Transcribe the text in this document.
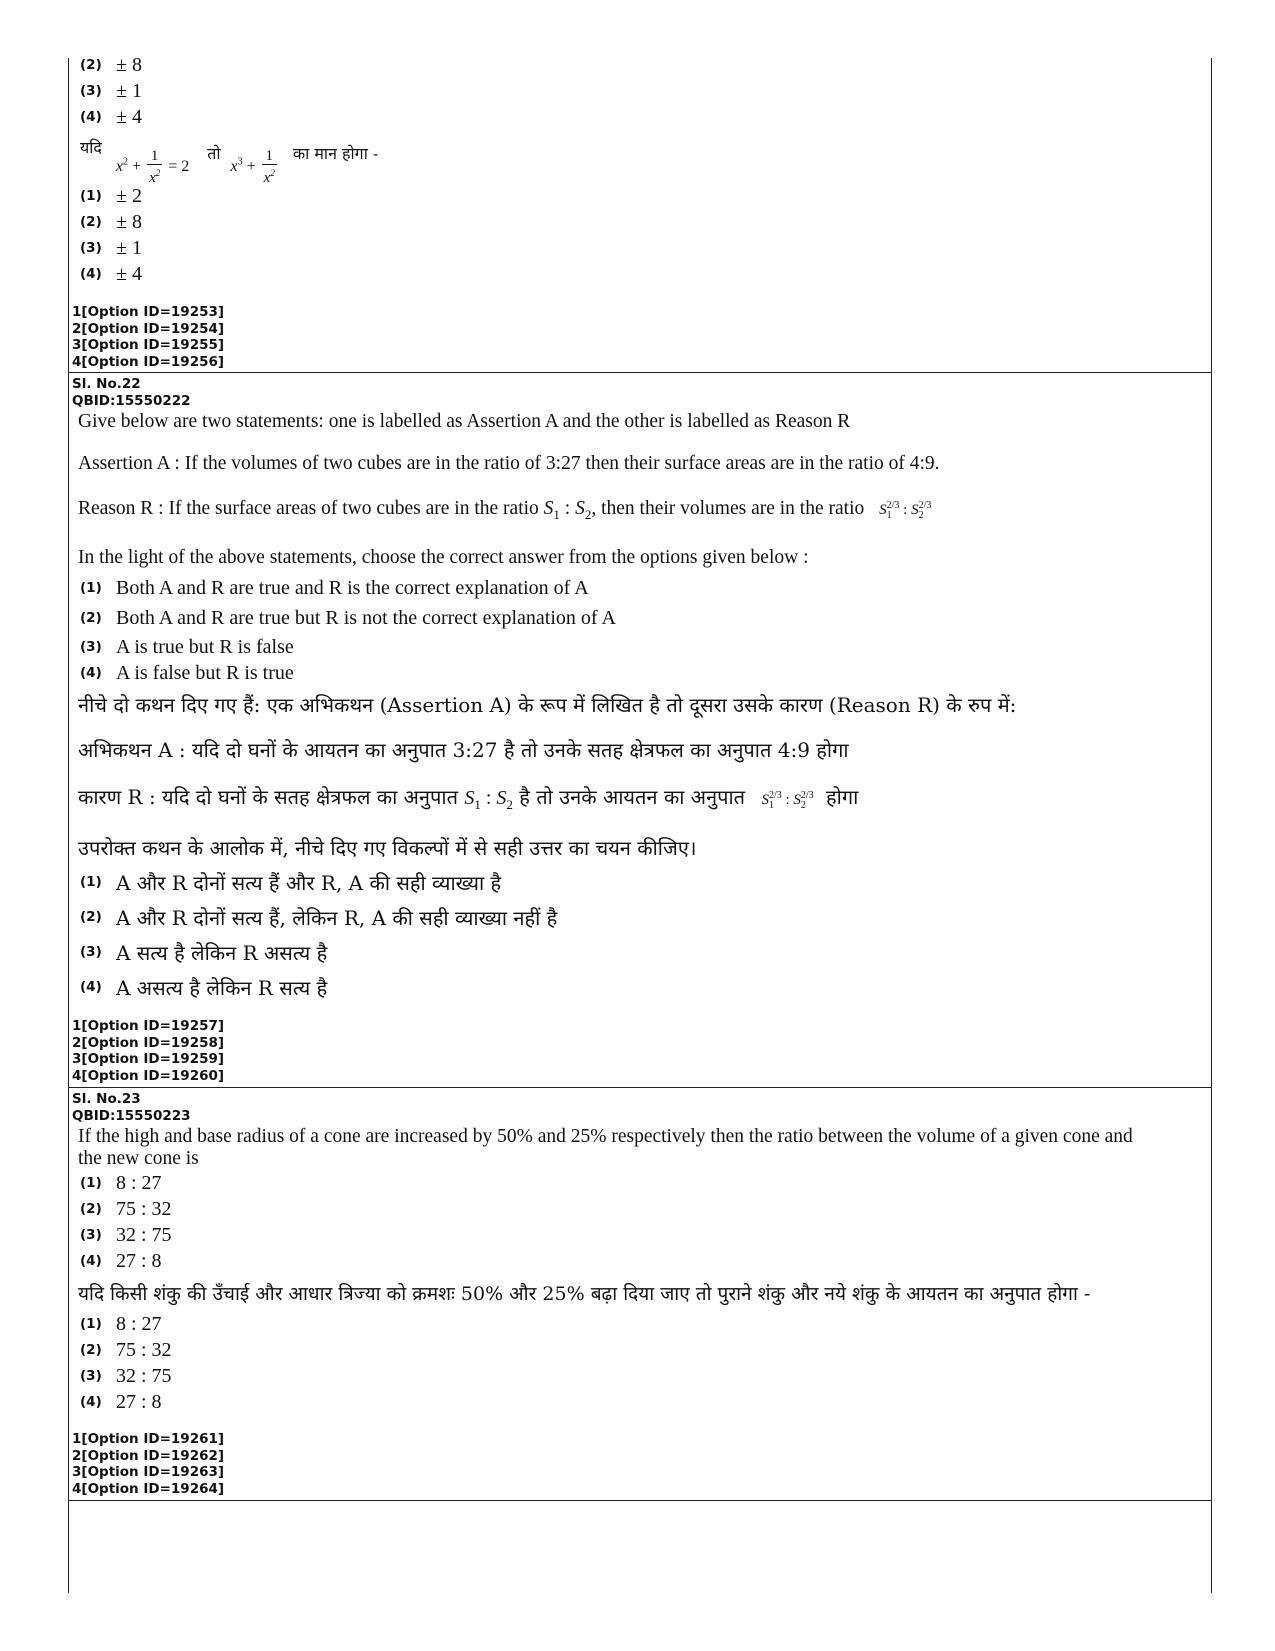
(2) ± 8
(3) ± 1
(4) ± 4
यदि $x^2 + \frac{1}{x^2} = 2$ तो $x^3 + \frac{1}{x^2}$ का मान होगा -
(1) ± 2
(2) ± 8
(3) ± 1
(4) ± 4
1[Option ID=19253]
2[Option ID=19254]
3[Option ID=19255]
4[Option ID=19256]
Sl. No.22
QBID:15550222
Give below are two statements: one is labelled as Assertion A and the other is labelled as Reason R
Assertion A : If the volumes of two cubes are in the ratio of 3:27 then their surface areas are in the ratio of 4:9.
Reason R : If the surface areas of two cubes are in the ratio $S_1$ : $S_2$, then their volumes are in the ratio $S_1^{2/3}$ : $S_2^{2/3}$
In the light of the above statements, choose the correct answer from the options given below :
(1) Both A and R are true and R is the correct explanation of A
(2) Both A and R are true but R is not the correct explanation of A
(3) A is true but R is false
(4) A is false but R is true
नीचे दो कथन दिए गए हैं: एक अभिकथन (Assertion A) के रूप में लिखित है तो दूसरा उसके कारण (Reason R) के रुप में:
अभिकथन A : यदि दो घनों के आयतन का अनुपात 3:27 है तो उनके सतह क्षेत्रफल का अनुपात 4:9 होगा
कारण R : यदि दो घनों के सतह क्षेत्रफल का अनुपात $S_1$ : $S_2$ है तो उनके आयतन का अनुपात $S_1^{2/3}$ : $S_2^{2/3}$ होगा
उपरोक्त कथन के आलोक में, नीचे दिए गए विकल्पों में से सही उत्तर का चयन कीजिए।
(1) A और R दोनों सत्य हैं और R, A की सही व्याख्या है
(2) A और R दोनों सत्य हैं, लेकिन R, A की सही व्याख्या नहीं है
(3) A सत्य है लेकिन R असत्य है
(4) A असत्य है लेकिन R सत्य है
1[Option ID=19257]
2[Option ID=19258]
3[Option ID=19259]
4[Option ID=19260]
Sl. No.23
QBID:15550223
If the high and base radius of a cone are increased by 50% and 25% respectively then the ratio between the volume of a given cone and
the new cone is
(1) 8 : 27
(2) 75 : 32
(3) 32 : 75
(4) 27 : 8
यदि किसी शंकु की उँचाई और आधार त्रिज्या को क्रमशः 50% और 25% बढ़ा दिया जाए तो पुराने शंकु और नये शंकु के आयतन का अनुपात होगा -
(1) 8 : 27
(2) 75 : 32
(3) 32 : 75
(4) 27 : 8
1[Option ID=19261]
2[Option ID=19262]
3[Option ID=19263]
4[Option ID=19264]
